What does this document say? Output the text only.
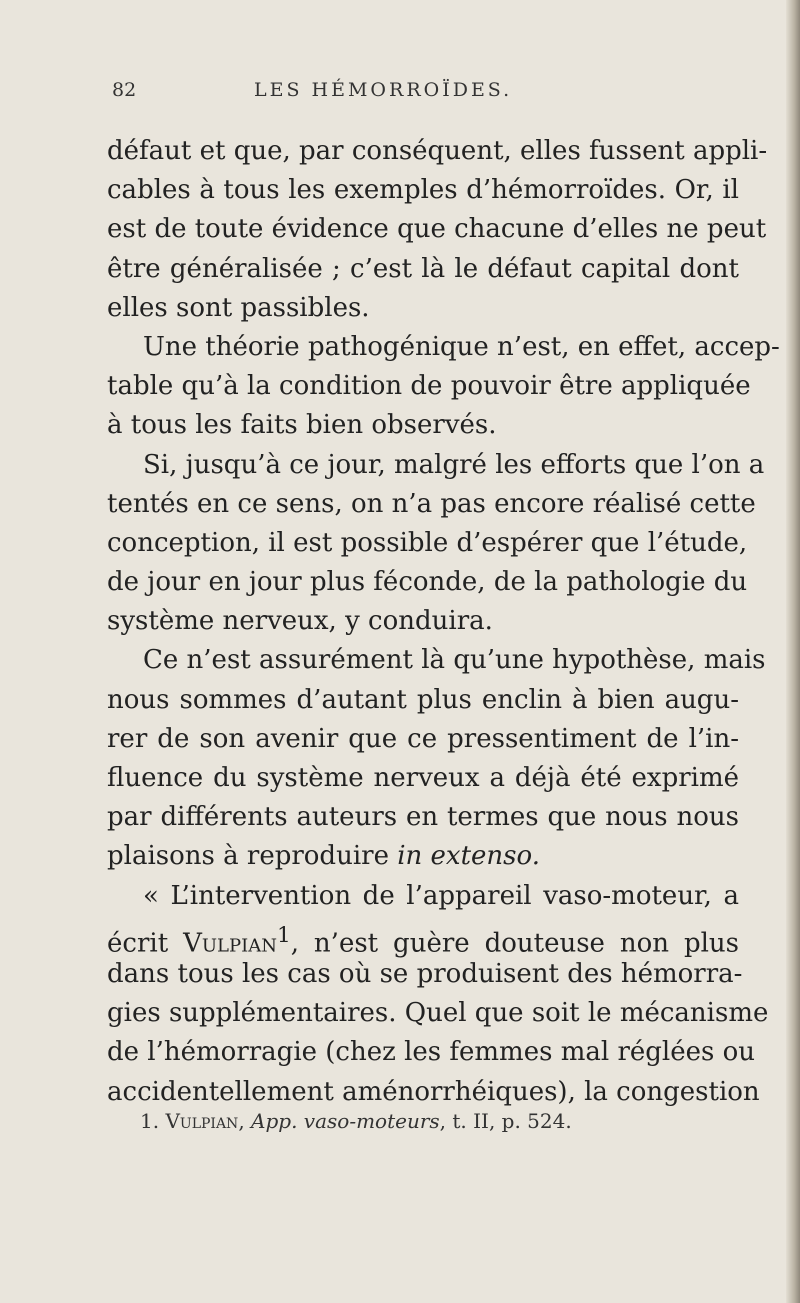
82	LES HÉMORROÏDES.
défaut et que, par conséquent, elles fussent appli-
cables à tous les exemples d’hémorroïdes. Or, il
est de toute évidence que chacune d’elles ne peut
être généralisée ; c’est là le défaut capital dont
elles sont passibles.
Une théorie pathogénique n’est, en effet, accep-
table qu’à la condition de pouvoir être appliquée
à tous les faits bien observés.
Si, jusqu’à ce jour, malgré les efforts que l’on a
tentés en ce sens, on n’a pas encore réalisé cette
conception, il est possible d’espérer que l’étude,
de jour en jour plus féconde, de la pathologie du
système nerveux, y conduira.
Ce n’est assurément là qu’une hypothèse, mais
nous sommes d’autant plus enclin à bien augu-
rer de son avenir que ce pressentiment de l’in-
fluence du système nerveux a déjà été exprimé
par différents auteurs en termes que nous nous
plaisons à reproduire in extenso.
« L’intervention de l’appareil vaso-moteur, a
écrit Vulpian$^1$, n’est guère douteuse non plus
dans tous les cas où se produisent des hémorra-
gies supplémentaires. Quel que soit le mécanisme
de l’hémorragie (chez les femmes mal réglées ou
accidentellement aménorrhéiques), la congestion
1. Vulpian, App. vaso-moteurs, t. II, p. 524.
